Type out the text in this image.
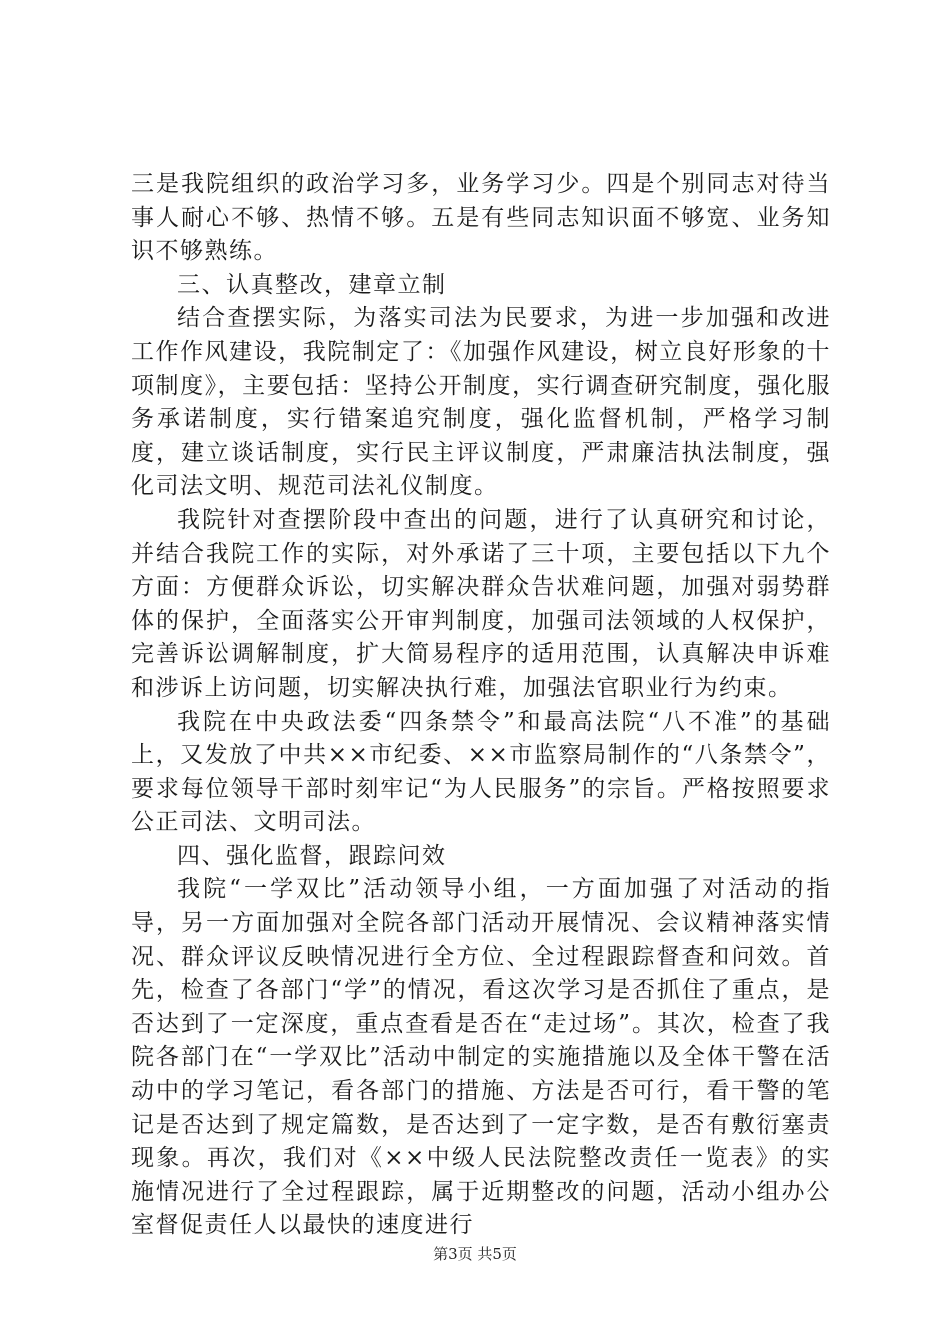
三是我院组织的政治学习多，业务学习少。四是个别同志对待当事人耐心不够、热情不够。五是有些同志知识面不够宽、业务知识不够熟练。

三、认真整改，建章立制

结合查摆实际，为落实司法为民要求，为进一步加强和改进工作作风建设，我院制定了：《加强作风建设，树立良好形象的十项制度》，主要包括：坚持公开制度，实行调查研究制度，强化服务承诺制度，实行错案追究制度，强化监督机制，严格学习制度，建立谈话制度，实行民主评议制度，严肃廉洁执法制度，强化司法文明、规范司法礼仪制度。

我院针对查摆阶段中查出的问题，进行了认真研究和讨论，并结合我院工作的实际，对外承诺了三十项，主要包括以下九个方面：方便群众诉讼，切实解决群众告状难问题，加强对弱势群体的保护，全面落实公开审判制度，加强司法领域的人权保护，完善诉讼调解制度，扩大简易程序的适用范围，认真解决申诉难和涉诉上访问题，切实解决执行难，加强法官职业行为约束。

我院在中央政法委“四条禁令”和最高法院“八不准”的基础上，又发放了中共××市纪委、××市监察局制作的“八条禁令”，要求每位领导干部时刻牢记“为人民服务”的宗旨。严格按照要求公正司法、文明司法。

四、强化监督，跟踪问效

我院“一学双比”活动领导小组，一方面加强了对活动的指导，另一方面加强对全院各部门活动开展情况、会议精神落实情况、群众评议反映情况进行全方位、全过程跟踪督查和问效。首先，检查了各部门“学”的情况，看这次学习是否抓住了重点，是否达到了一定深度，重点查看是否在“走过场”。其次，检查了我院各部门在“一学双比”活动中制定的实施措施以及全体干警在活动中的学习笔记，看各部门的措施、方法是否可行，看干警的笔记是否达到了规定篇数，是否达到了一定字数，是否有敷衍塞责现象。再次，我们对《××中级人民法院整改责任一览表》的实施情况进行了全过程跟踪，属于近期整改的问题，活动小组办公室督促责任人以最快的速度进行

第3页 共5页
